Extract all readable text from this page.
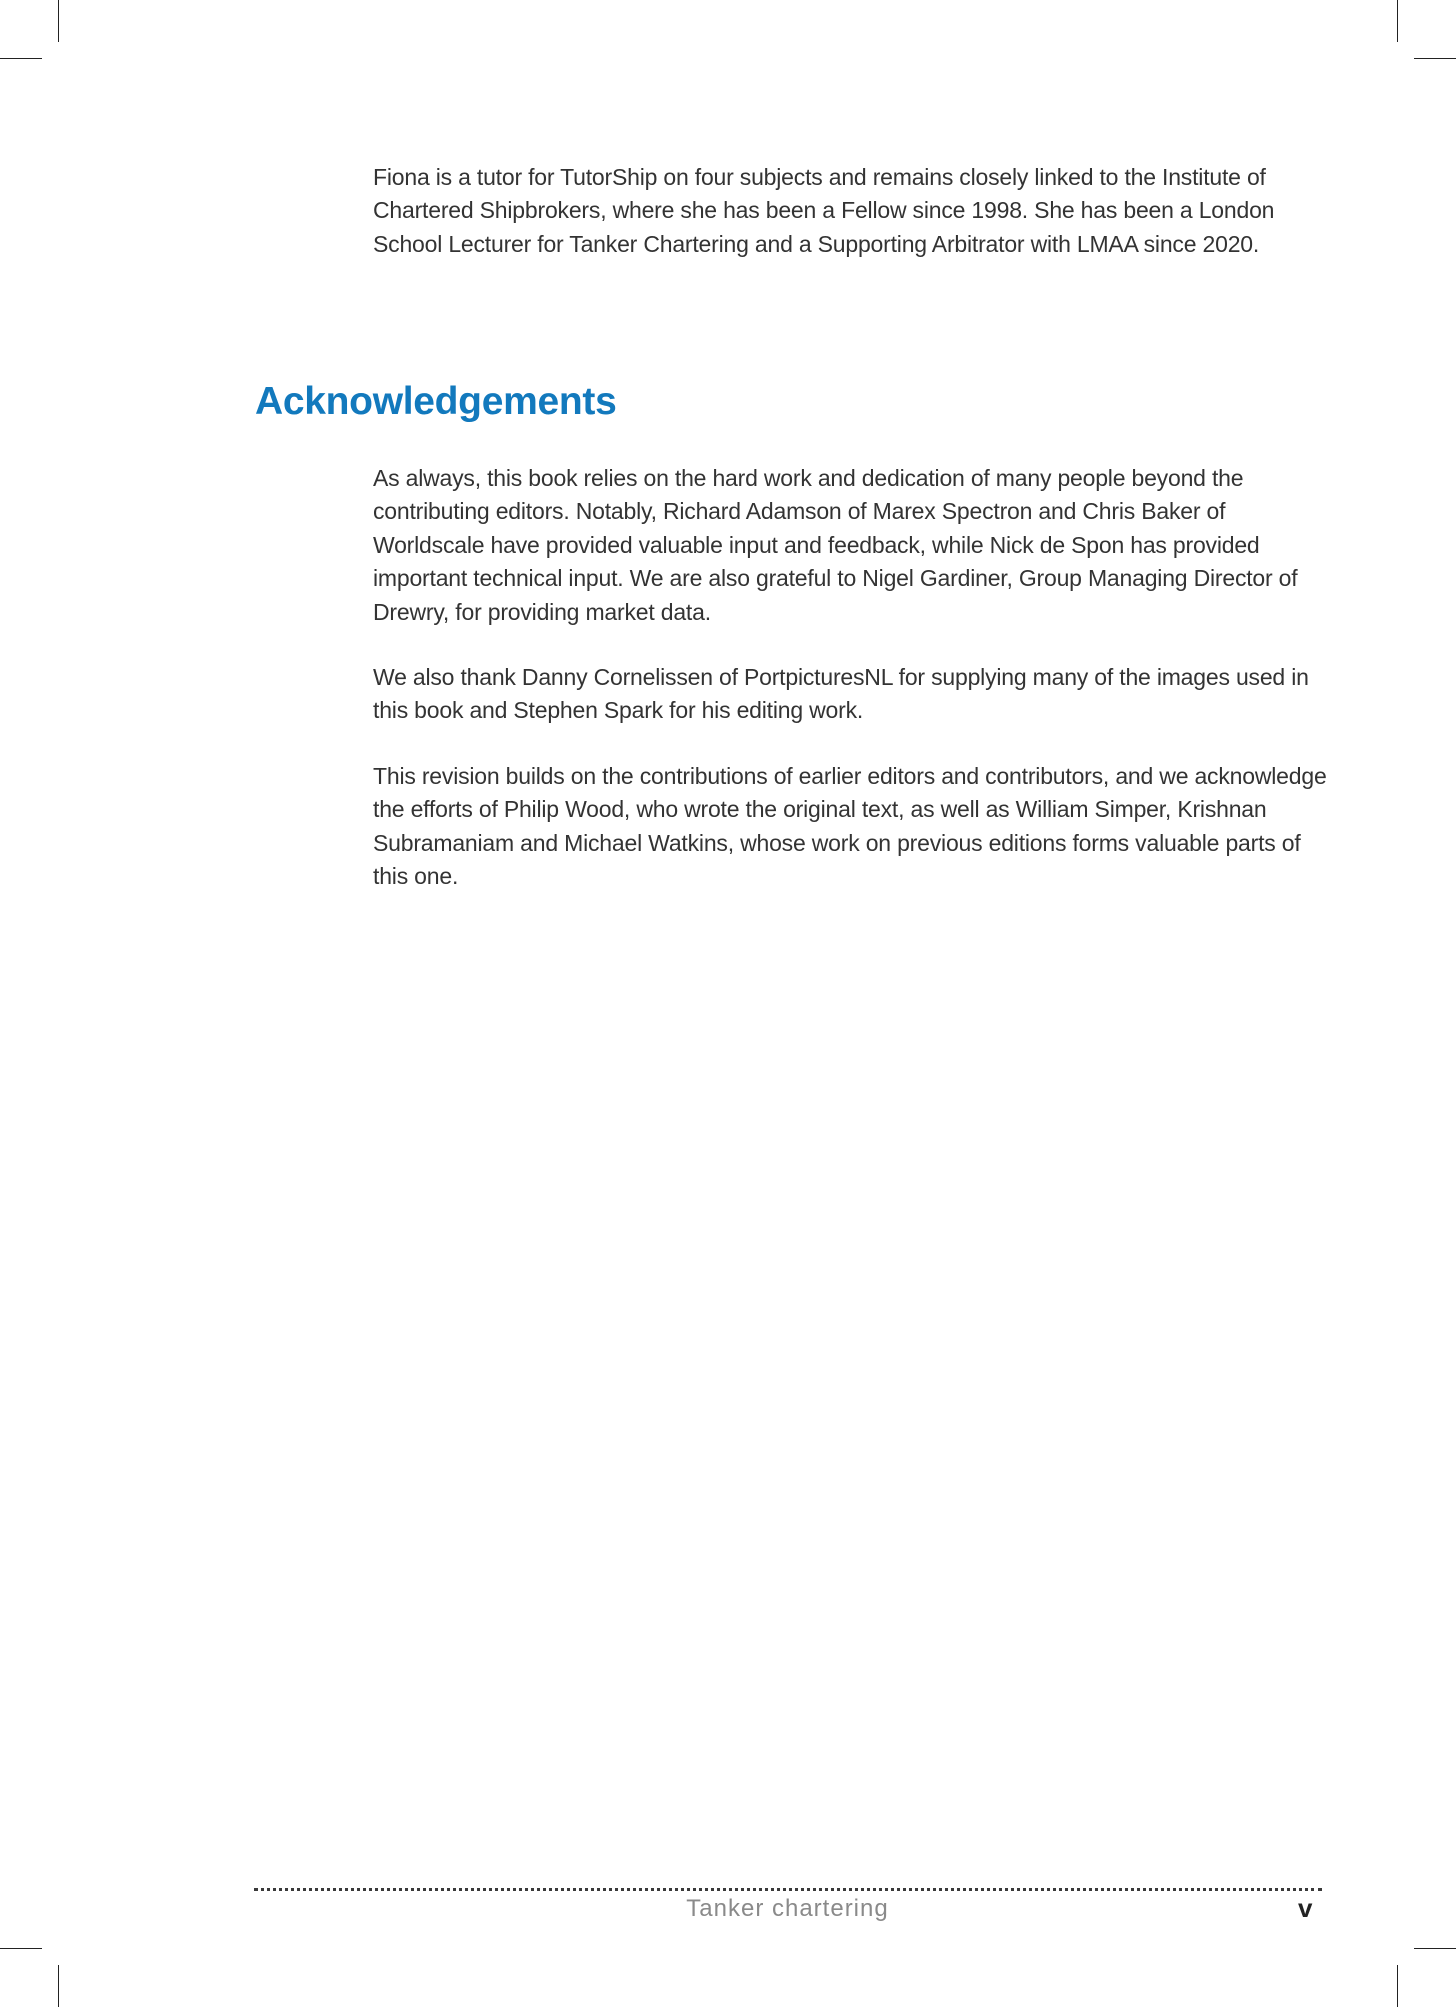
Fiona is a tutor for TutorShip on four subjects and remains closely linked to the Institute of Chartered Shipbrokers, where she has been a Fellow since 1998. She has been a London School Lecturer for Tanker Chartering and a Supporting Arbitrator with LMAA since 2020.

Acknowledgements

As always, this book relies on the hard work and dedication of many people beyond the contributing editors. Notably, Richard Adamson of Marex Spectron and Chris Baker of Worldscale have provided valuable input and feedback, while Nick de Spon has provided important technical input. We are also grateful to Nigel Gardiner, Group Managing Director of Drewry, for providing market data.

We also thank Danny Cornelissen of PortpicturesNL for supplying many of the images used in this book and Stephen Spark for his editing work.

This revision builds on the contributions of earlier editors and contributors, and we acknowledge the efforts of Philip Wood, who wrote the original text, as well as William Simper, Krishnan Subramaniam and Michael Watkins, whose work on previous editions forms valuable parts of this one.

Tanker chartering	v
